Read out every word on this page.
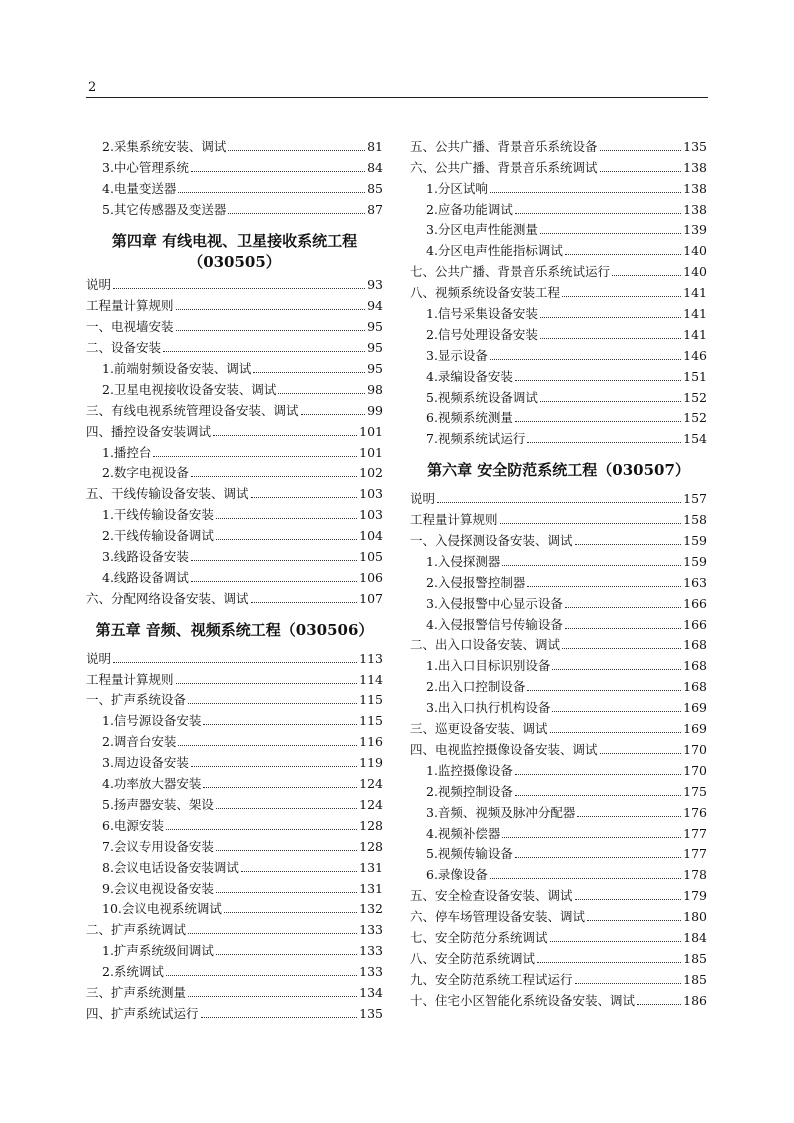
2
2.采集系统安装、调试	81
3.中心管理系统	84
4.电量变送器	85
5.其它传感器及变送器	87
第四章 有线电视、卫星接收系统工程
（030505）
说明	93
工程量计算规则	94
一、电视墙安装	95
二、设备安装	95
1.前端射频设备安装、调试	95
2.卫星电视接收设备安装、调试	98
三、有线电视系统管理设备安装、调试	99
四、播控设备安装调试	101
1.播控台	101
2.数字电视设备	102
五、干线传输设备安装、调试	103
1.干线传输设备安装	103
2.干线传输设备调试	104
3.线路设备安装	105
4.线路设备调试	106
六、分配网络设备安装、调试	107
第五章 音频、视频系统工程（030506）
说明	113
工程量计算规则	114
一、扩声系统设备	115
1.信号源设备安装	115
2.调音台安装	116
3.周边设备安装	119
4.功率放大器安装	124
5.扬声器安装、架设	124
6.电源安装	128
7.会议专用设备安装	128
8.会议电话设备安装调试	131
9.会议电视设备安装	131
10.会议电视系统调试	132
二、扩声系统调试	133
1.扩声系统级间调试	133
2.系统调试	133
三、扩声系统测量	134
四、扩声系统试运行	135
五、公共广播、背景音乐系统设备	135
六、公共广播、背景音乐系统调试	138
1.分区试响	138
2.应备功能调试	138
3.分区电声性能测量	139
4.分区电声性能指标调试	140
七、公共广播、背景音乐系统试运行	140
八、视频系统设备安装工程	141
1.信号采集设备安装	141
2.信号处理设备安装	141
3.显示设备	146
4.录编设备安装	151
5.视频系统设备调试	152
6.视频系统测量	152
7.视频系统试运行	154
第六章 安全防范系统工程（030507）
说明	157
工程量计算规则	158
一、入侵探测设备安装、调试	159
1.入侵探测器	159
2.入侵报警控制器	163
3.入侵报警中心显示设备	166
4.入侵报警信号传输设备	166
二、出入口设备安装、调试	168
1.出入口目标识别设备	168
2.出入口控制设备	168
3.出入口执行机构设备	169
三、巡更设备安装、调试	169
四、电视监控摄像设备安装、调试	170
1.监控摄像设备	170
2.视频控制设备	175
3.音频、视频及脉冲分配器	176
4.视频补偿器	177
5.视频传输设备	177
6.录像设备	178
五、安全检查设备安装、调试	179
六、停车场管理设备安装、调试	180
七、安全防范分系统调试	184
八、安全防范系统调试	185
九、安全防范系统工程试运行	185
十、住宅小区智能化系统设备安装、调试	186
